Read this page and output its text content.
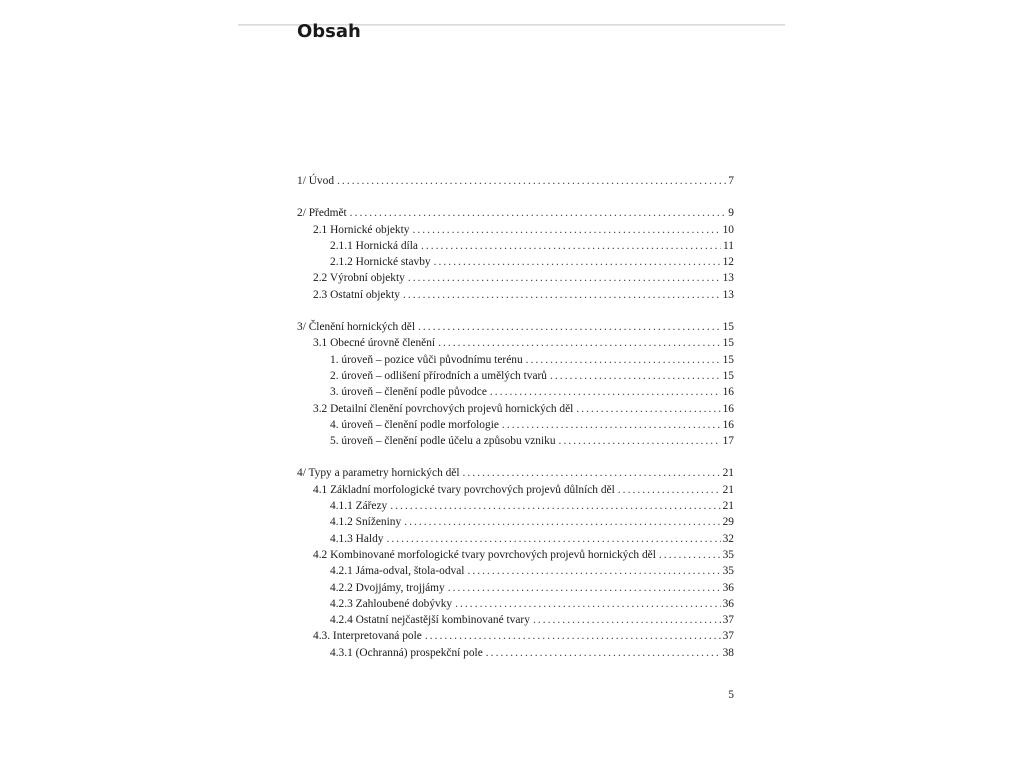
Obsah
1/ Úvod . . .	7
2/ Předmět . . .	9
2.1 Hornické objekty . . .	10
2.1.1 Hornická díla . . .	11
2.1.2 Hornické stavby . . .	12
2.2 Výrobní objekty . . .	13
2.3 Ostatní objekty . . .	13
3/ Členění hornických děl . . .	15
3.1 Obecné úrovně členění . . .	15
1. úroveň – pozice vůči původnímu terénu . . .	15
2. úroveň – odlišení přírodních a umělých tvarů . . .	15
3. úroveň – členění podle původce . . .	16
3.2 Detailní členění povrchových projevů hornických děl . . .	16
4. úroveň – členění podle morfologie . . .	16
5. úroveň – členění podle účelu a způsobu vzniku . . .	17
4/ Typy a parametry hornických děl . . .	21
4.1 Základní morfologické tvary povrchových projevů důlních děl . . .	21
4.1.1 Zářezy . . .	21
4.1.2 Sníženiny . . .	29
4.1.3 Haldy . . .	32
4.2 Kombinované morfologické tvary povrchových projevů hornických děl . . .	35
4.2.1 Jáma-odval, štola-odval . . .	35
4.2.2 Dvojjámy, trojjámy . . .	36
4.2.3 Zahloubené dobývky . . .	36
4.2.4 Ostatní nejčastější kombinované tvary . . .	37
4.3. Interpretovaná pole . . .	37
4.3.1 (Ochranná) prospekční pole . . .	38
5
